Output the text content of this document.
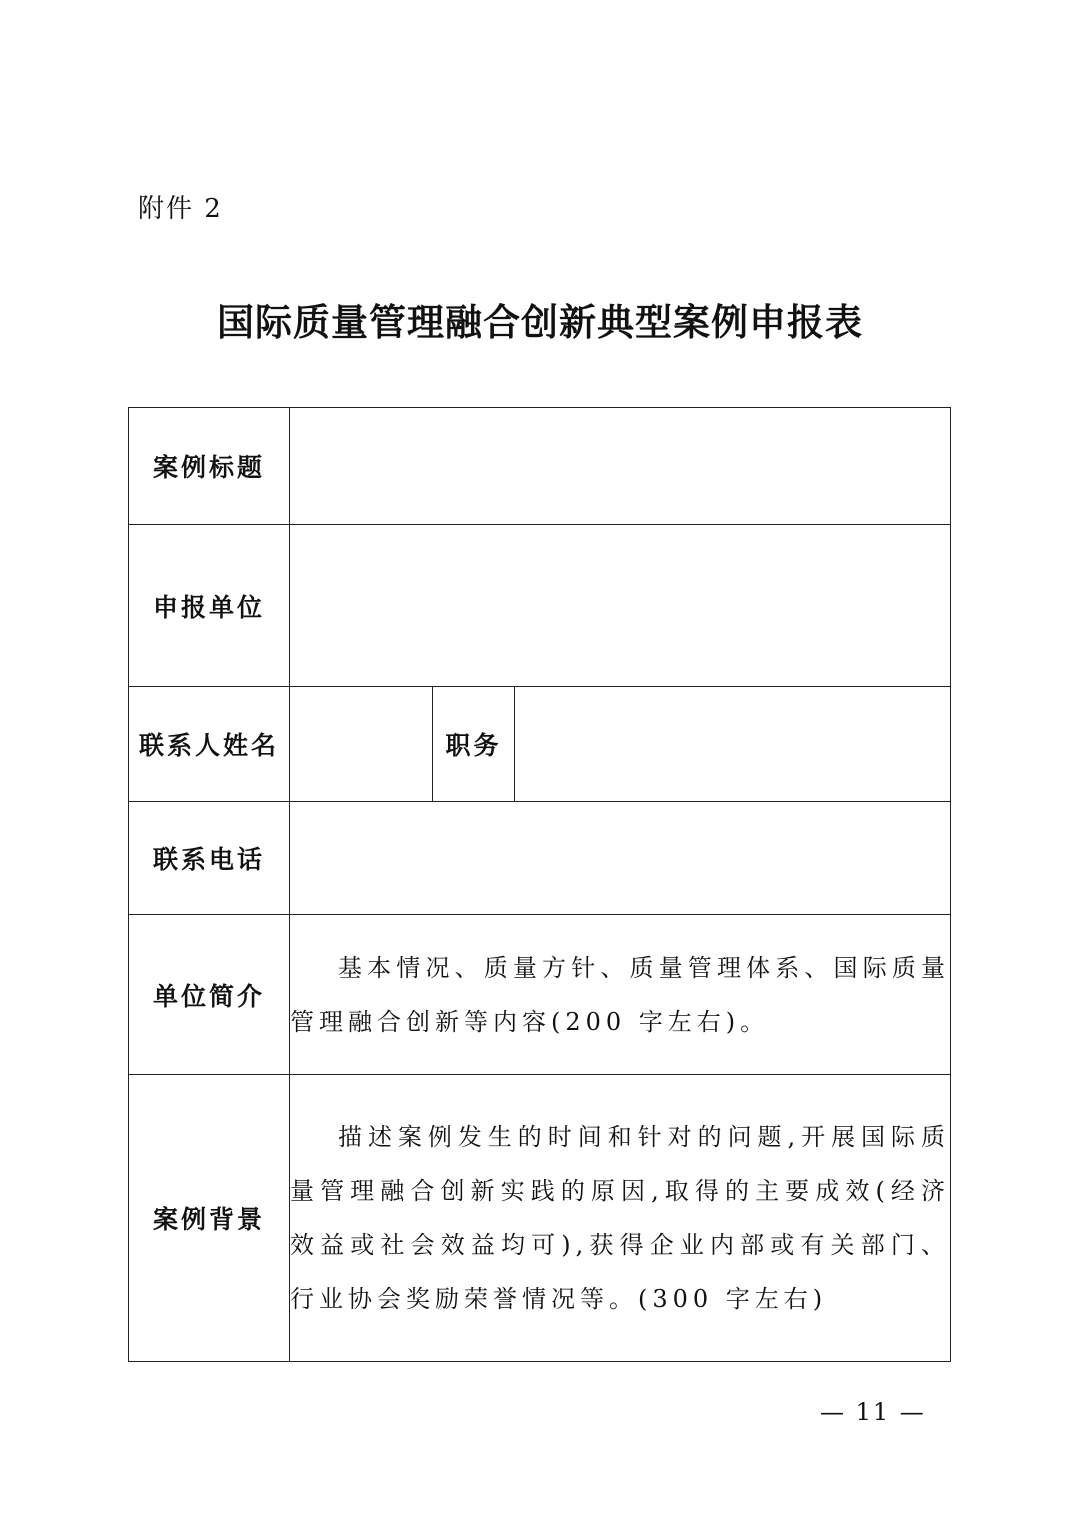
附件 2
国际质量管理融合创新典型案例申报表
案例标题			
申报单位			
联系人姓名		职务	
联系电话			
单位简介	基本情况、质量方针、质量管理体系、国际质量管理融合创新等内容(200 字左右)。		

案例背景	描述案例发生的时间和针对的问题,开展国际质量管理融合创新实践的原因,取得的主要成效(经济效益或社会效益均可),获得企业内部或有关部门、行业协会奖励荣誉情况等。(300 字左右)		

— 11 —
